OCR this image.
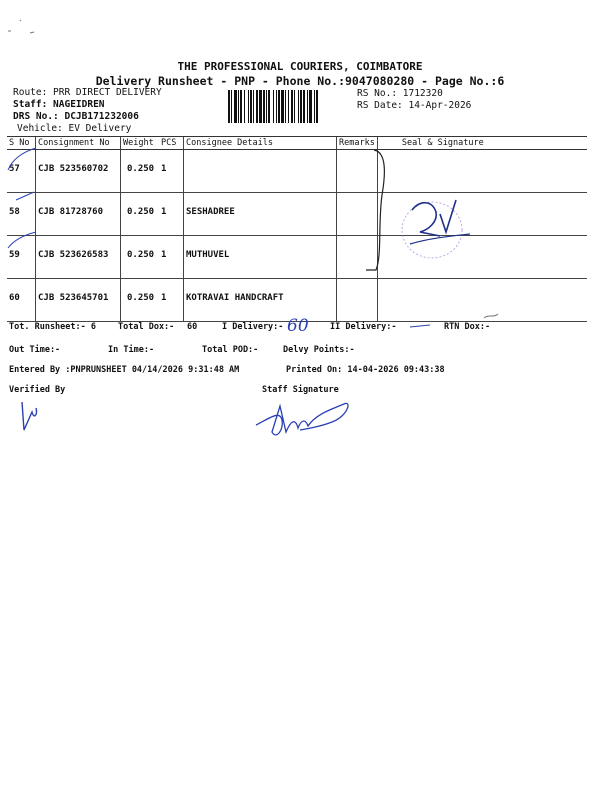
THE PROFESSIONAL COURIERS, COIMBATORE
Delivery Runsheet - PNP - Phone No.:9047080280 - Page No.:6
Route: PRR DIRECT DELIVERY
Staff: NAGEIDREN
DRS No.: DCJB171232006
Vehicle: EV Delivery
RS No.: 1712320
RS Date: 14-Apr-2026
S No	Consignment No	Weight	PCS	Consignee Details	Remarks	Seal & Signature

57	CJB 523560702	0.250	1			

58	CJB 81728760	0.250	1	SESHADREE		

59	CJB 523626583	0.250	1	MUTHUVEL		

60	CJB 523645701	0.250	1	KOTRAVAI HANDCRAFT		

Tot. Runsheet:- 6	Total Dox:- 60	I Delivery:- 60	II Delivery:-	RTN Dox:-
Out Time:-	In Time:-	Total POD:-	Delvy Points:-
Entered By :PNPRUNSHEET 04/14/2026 9:31:48 AM	Printed On: 14-04-2026 09:43:38
Verified By	Staff Signature
